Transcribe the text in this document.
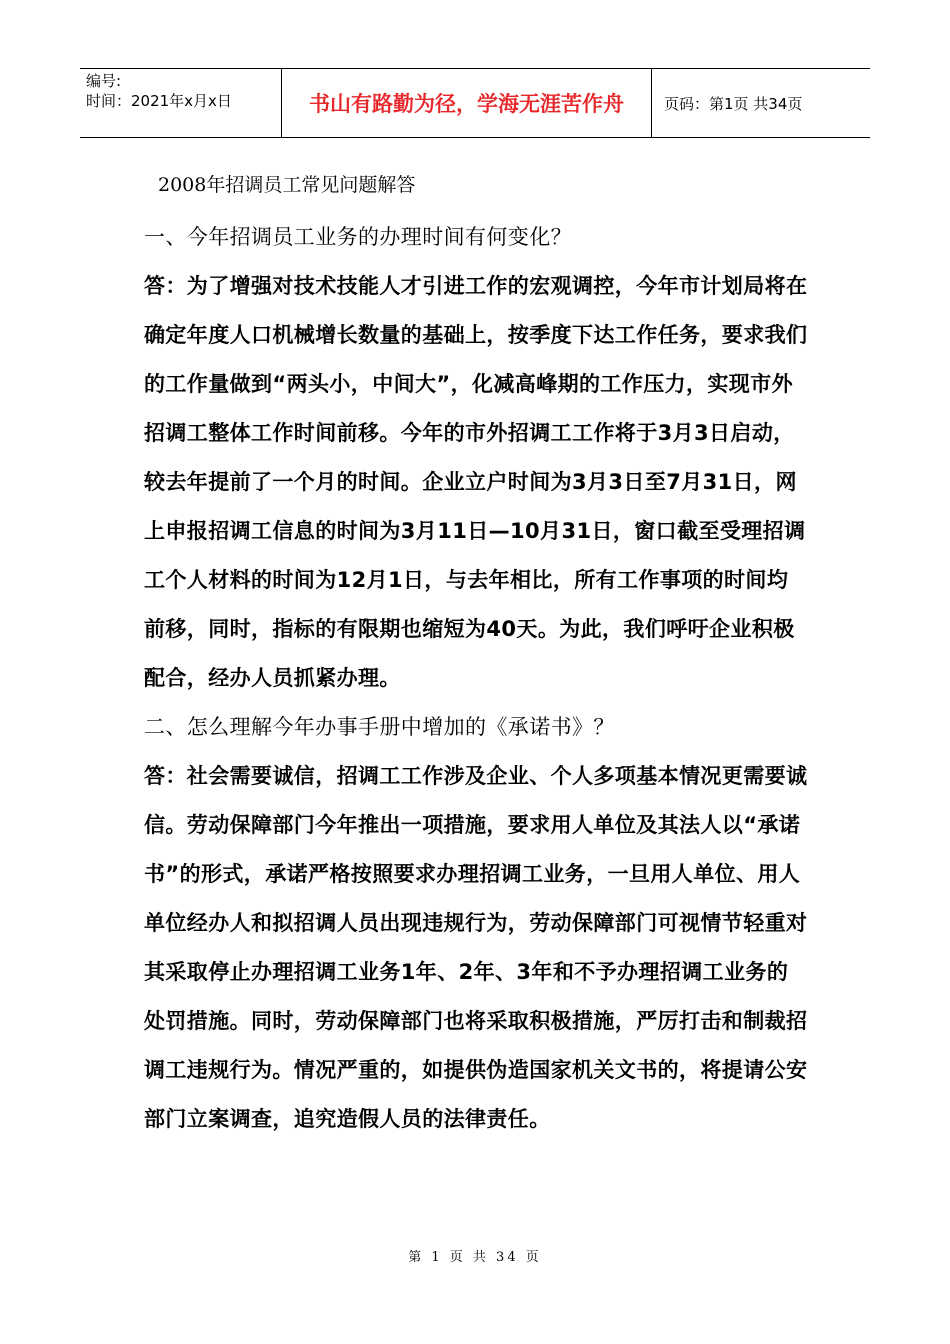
编号:
时间：2021年x月x日	书山有路勤为径，学海无涯苦作舟	页码：第1页 共34页

2008年招调员工常见问题解答

一、今年招调员工业务的办理时间有何变化？

答：为了增强对技术技能人才引进工作的宏观调控，今年市计划局将在确定年度人口机械增长数量的基础上，按季度下达工作任务，要求我们的工作量做到“两头小，中间大”，化减高峰期的工作压力，实现市外招调工整体工作时间前移。今年的市外招调工工作将于3月3日启动，较去年提前了一个月的时间。企业立户时间为3月3日至7月31日，网上申报招调工信息的时间为3月11日—10月31日，窗口截至受理招调工个人材料的时间为12月1日，与去年相比，所有工作事项的时间均前移，同时，指标的有限期也缩短为40天。为此，我们呼吁企业积极配合，经办人员抓紧办理。

二、怎么理解今年办事手册中增加的《承诺书》？

答：社会需要诚信，招调工工作涉及企业、个人多项基本情况更需要诚信。劳动保障部门今年推出一项措施，要求用人单位及其法人以“承诺书”的形式，承诺严格按照要求办理招调工业务，一旦用人单位、用人单位经办人和拟招调人员出现违规行为，劳动保障部门可视情节轻重对其采取停止办理招调工业务1年、2年、3年和不予办理招调工业务的处罚措施。同时，劳动保障部门也将采取积极措施，严厉打击和制裁招调工违规行为。情况严重的，如提供伪造国家机关文书的，将提请公安部门立案调查，追究造假人员的法律责任。

第 1 页 共 34 页
